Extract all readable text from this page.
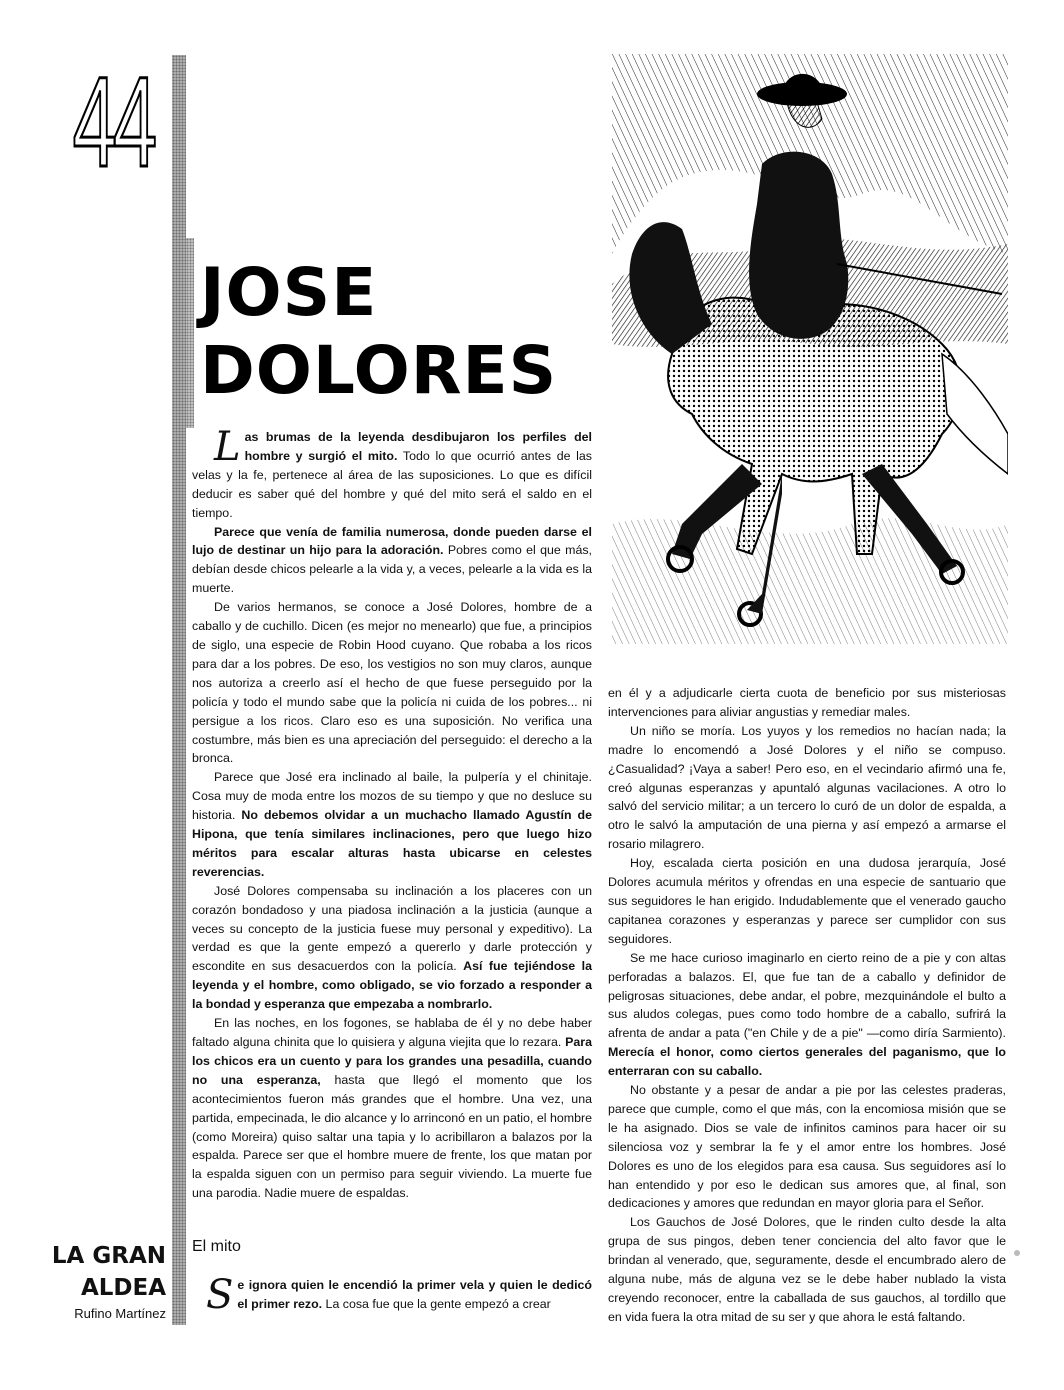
44
JOSE
DOLORES

Las brumas de la leyenda desdibujaron los perfiles del hombre y surgió el mito. Todo lo que ocurrió antes de las velas y la fe, pertenece al área de las suposiciones. Lo que es difícil deducir es saber qué del hombre y qué del mito será el saldo en el tiempo.

Parece que venía de familia numerosa, donde pueden darse el lujo de destinar un hijo para la adoración. Pobres como el que más, debían desde chicos pelearle a la vida y, a veces, pelearle a la vida es la muerte.

De varios hermanos, se conoce a José Dolores, hombre de a caballo y de cuchillo. Dicen (es mejor no menearlo) que fue, a principios de siglo, una especie de Robin Hood cuyano. Que robaba a los ricos para dar a los pobres. De eso, los vestigios no son muy claros, aunque nos autoriza a creerlo así el hecho de que fuese perseguido por la policía y todo el mundo sabe que la policía ni cuida de los pobres... ni persigue a los ricos. Claro eso es una suposición. No verifica una costumbre, más bien es una apreciación del perseguido: el derecho a la bronca.

Parece que José era inclinado al baile, la pulpería y el chinitaje. Cosa muy de moda entre los mozos de su tiempo y que no desluce su historia. No debemos olvidar a un muchacho llamado Agustín de Hipona, que tenía similares inclinaciones, pero que luego hizo méritos para escalar alturas hasta ubicarse en celestes reverencias.

José Dolores compensaba su inclinación a los placeres con un corazón bondadoso y una piadosa inclinación a la justicia (aunque a veces su concepto de la justicia fuese muy personal y expeditivo). La verdad es que la gente empezó a quererlo y darle protección y escondite en sus desacuerdos con la policía. Así fue tejiéndose la leyenda y el hombre, como obligado, se vio forzado a responder a la bondad y esperanza que empezaba a nombrarlo.

En las noches, en los fogones, se hablaba de él y no debe haber faltado alguna chinita que lo quisiera y alguna viejita que lo rezara. Para los chicos era un cuento y para los grandes una pesadilla, cuando no una esperanza, hasta que llegó el momento que los acontecimientos fueron más grandes que el hombre. Una vez, una partida, empecinada, le dio alcance y lo arrinconó en un patio, el hombre (como Moreira) quiso saltar una tapia y lo acribillaron a balazos por la espalda. Parece ser que el hombre muere de frente, los que matan por la espalda siguen con un permiso para seguir viviendo. La muerte fue una parodia. Nadie muere de espaldas.

El mito

Se ignora quien le encendió la primer vela y quien le dedicó el primer rezo. La cosa fue que la gente empezó a crear

en él y a adjudicarle cierta cuota de beneficio por sus misteriosas intervenciones para aliviar angustias y remediar males.

Un niño se moría. Los yuyos y los remedios no hacían nada; la madre lo encomendó a José Dolores y el niño se compuso. ¿Casualidad? ¡Vaya a saber! Pero eso, en el vecindario afirmó una fe, creó algunas esperanzas y apuntaló algunas vacilaciones. A otro lo salvó del servicio militar; a un tercero lo curó de un dolor de espalda, a otro le salvó la amputación de una pierna y así empezó a armarse el rosario milagrero.

Hoy, escalada cierta posición en una dudosa jerarquía, José Dolores acumula méritos y ofrendas en una especie de santuario que sus seguidores le han erigido. Indudablemente que el venerado gaucho capitanea corazones y esperanzas y parece ser cumplidor con sus seguidores.

Se me hace curioso imaginarlo en cierto reino de a pie y con altas perforadas a balazos. El, que fue tan de a caballo y definidor de peligrosas situaciones, debe andar, el pobre, mezquinándole el bulto a sus aludos colegas, pues como todo hombre de a caballo, sufrirá la afrenta de andar a pata ("en Chile y de a pie" —como diría Sarmiento). Merecía el honor, como ciertos generales del paganismo, que lo enterraran con su caballo.

No obstante y a pesar de andar a pie por las celestes praderas, parece que cumple, como el que más, con la encomiosa misión que se le ha asignado. Dios se vale de infinitos caminos para hacer oir su silenciosa voz y sembrar la fe y el amor entre los hombres. José Dolores es uno de los elegidos para esa causa. Sus seguidores así lo han entendido y por eso le dedican sus amores que, al final, son dedicaciones y amores que redundan en mayor gloria para el Señor.

Los Gauchos de José Dolores, que le rinden culto desde la alta grupa de sus pingos, deben tener conciencia del alto favor que le brindan al venerado, que, seguramente, desde el encumbrado alero de alguna nube, más de alguna vez se le debe haber nublado la vista creyendo reconocer, entre la caballada de sus gauchos, al tordillo que en vida fuera la otra mitad de su ser y que ahora le está faltando.

LA GRAN
ALDEA
Rufino Martínez
